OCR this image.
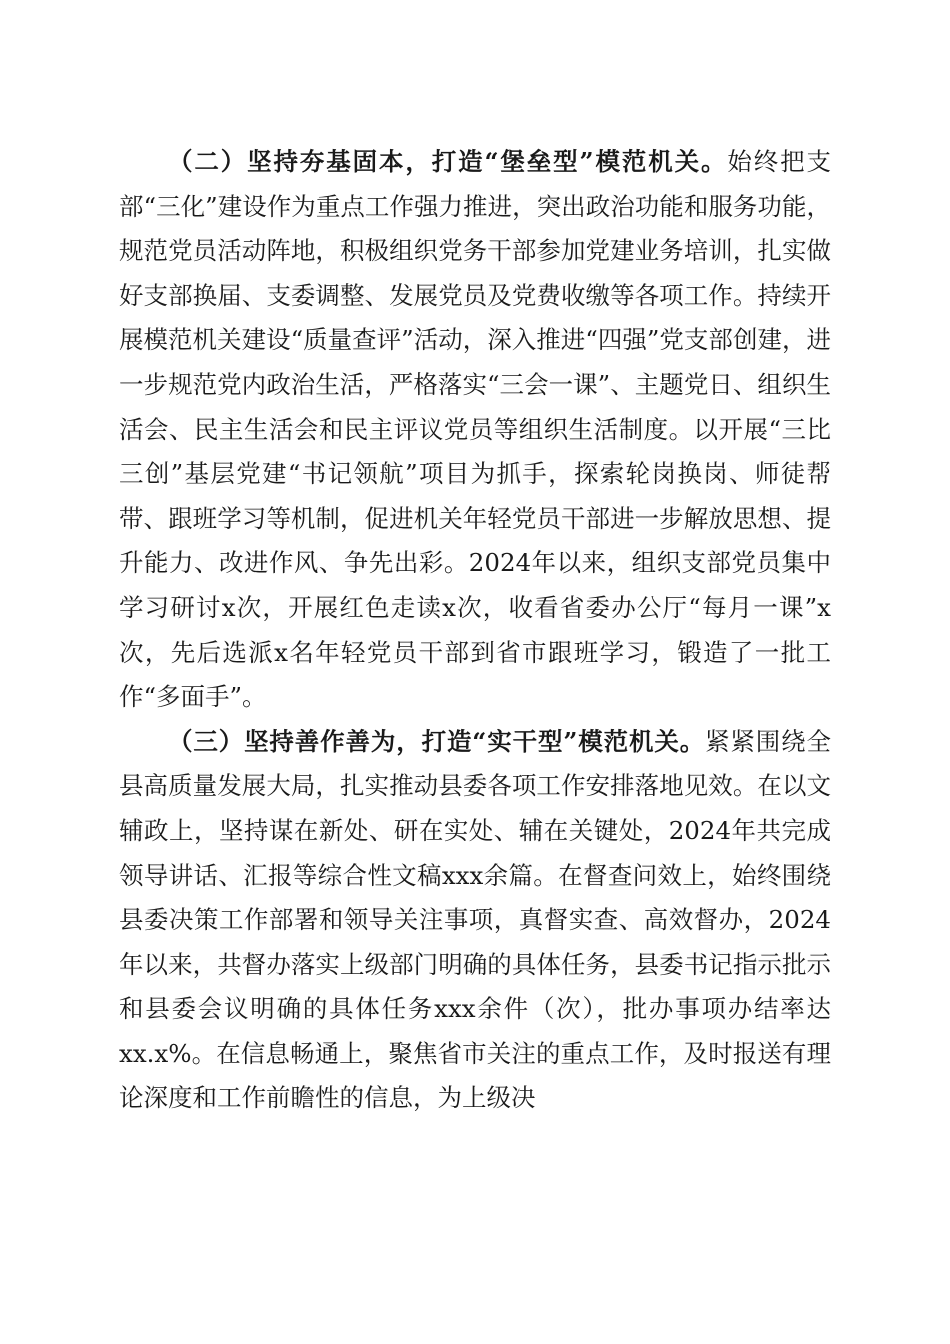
（二）坚持夯基固本，打造“堡垒型”模范机关。始终把支部“三化”建设作为重点工作强力推进，突出政治功能和服务功能，规范党员活动阵地，积极组织党务干部参加党建业务培训，扎实做好支部换届、支委调整、发展党员及党费收缴等各项工作。持续开展模范机关建设“质量查评”活动，深入推进“四强”党支部创建，进一步规范党内政治生活，严格落实“三会一课”、主题党日、组织生活会、民主生活会和民主评议党员等组织生活制度。以开展“三比三创”基层党建“书记领航”项目为抓手，探索轮岗换岗、师徒帮带、跟班学习等机制，促进机关年轻党员干部进一步解放思想、提升能力、改进作风、争先出彩。2024年以来，组织支部党员集中学习研讨x次，开展红色走读x次，收看省委办公厅“每月一课”x次，先后选派x名年轻党员干部到省市跟班学习，锻造了一批工作“多面手”。

（三）坚持善作善为，打造“实干型”模范机关。紧紧围绕全县高质量发展大局，扎实推动县委各项工作安排落地见效。在以文辅政上，坚持谋在新处、研在实处、辅在关键处，2024年共完成领导讲话、汇报等综合性文稿xxx余篇。在督查问效上，始终围绕县委决策工作部署和领导关注事项，真督实查、高效督办，2024年以来，共督办落实上级部门明确的具体任务，县委书记指示批示和县委会议明确的具体任务xxx余件（次），批办事项办结率达xx.x%。在信息畅通上，聚焦省市关注的重点工作，及时报送有理论深度和工作前瞻性的信息，为上级决
